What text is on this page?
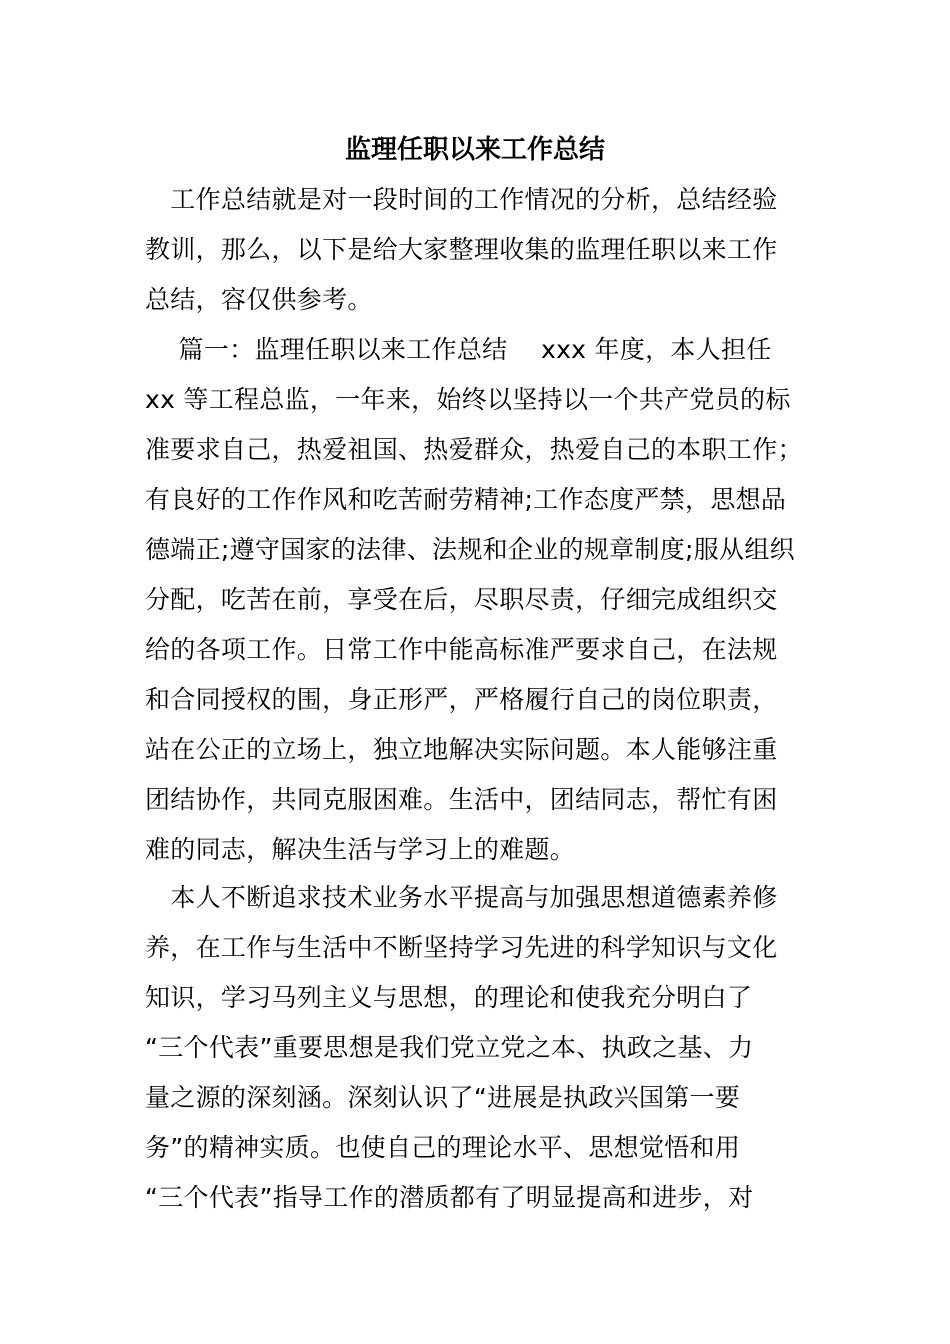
监理任职以来工作总结
　工作总结就是对一段时间的工作情况的分析，总结经验
教训，那么，以下是给大家整理收集的监理任职以来工作
总结，容仅供参考。
　 篇一：监理任职以来工作总结　 xxx 年度，本人担任
xx 等工程总监，一年来，始终以坚持以一个共产党员的标
准要求自己，热爱祖国、热爱群众，热爱自己的本职工作；
有良好的工作作风和吃苦耐劳精神;工作态度严禁，思想品
德端正;遵守国家的法律、法规和企业的规章制度;服从组织
分配，吃苦在前，享受在后，尽职尽责，仔细完成组织交
给的各项工作。日常工作中能高标准严要求自己，在法规
和合同授权的围，身正形严，严格履行自己的岗位职责，
站在公正的立场上，独立地解决实际问题。本人能够注重
团结协作，共同克服困难。生活中，团结同志，帮忙有困
难的同志，解决生活与学习上的难题。
　本人不断追求技术业务水平提高与加强思想道德素养修
养，在工作与生活中不断坚持学习先进的科学知识与文化
知识，学习马列主义与思想，的理论和使我充分明白了
“三个代表”重要思想是我们党立党之本、执政之基、力
量之源的深刻涵。深刻认识了“进展是执政兴国第一要
务”的精神实质。也使自己的理论水平、思想觉悟和用
“三个代表”指导工作的潜质都有了明显提高和进步，对
